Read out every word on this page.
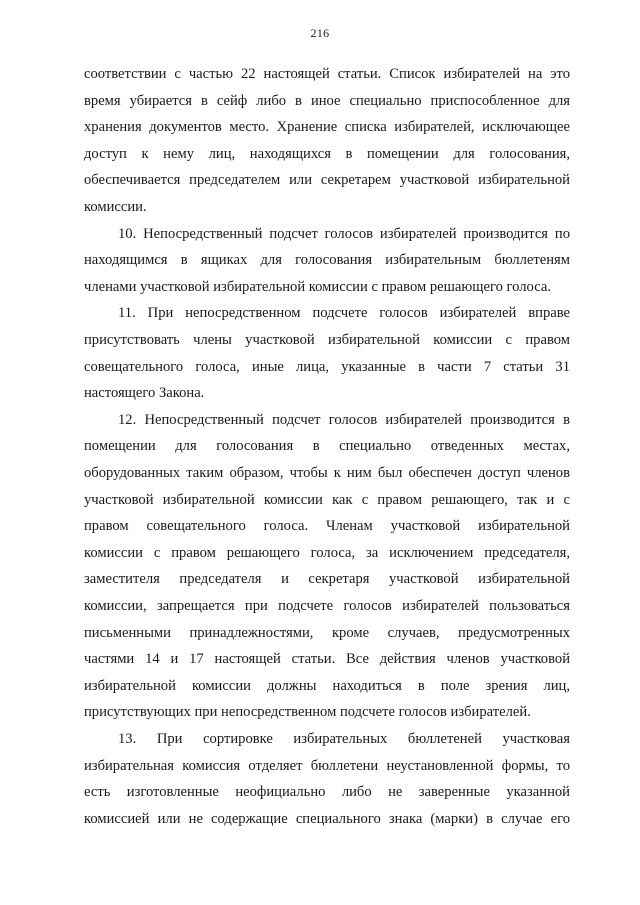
216
соответствии с частью 22 настоящей статьи. Список избирателей на это
время убирается в сейф либо в иное специально приспособленное для
хранения документов место. Хранение списка избирателей, исключающее
доступ к нему лиц, находящихся в помещении для голосования,
обеспечивается председателем или секретарем участковой избирательной
комиссии.
10. Непосредственный подсчет голосов избирателей производится по
находящимся в ящиках для голосования избирательным бюллетеням
членами участковой избирательной комиссии с правом решающего голоса.
11. При непосредственном подсчете голосов избирателей вправе
присутствовать члены участковой избирательной комиссии с правом
совещательного голоса, иные лица, указанные в части 7 статьи 31
настоящего Закона.
12. Непосредственный подсчет голосов избирателей производится в
помещении для голосования в специально отведенных местах,
оборудованных таким образом, чтобы к ним был обеспечен доступ членов
участковой избирательной комиссии как с правом решающего, так и с
правом совещательного голоса. Членам участковой избирательной
комиссии с правом решающего голоса, за исключением председателя,
заместителя председателя и секретаря участковой избирательной
комиссии, запрещается при подсчете голосов избирателей пользоваться
письменными принадлежностями, кроме случаев, предусмотренных
частями 14 и 17 настоящей статьи. Все действия членов участковой
избирательной комиссии должны находиться в поле зрения лиц,
присутствующих при непосредственном подсчете голосов избирателей.
13. При сортировке избирательных бюллетеней участковая
избирательная комиссия отделяет бюллетени неустановленной формы, то
есть изготовленные неофициально либо не заверенные указанной
комиссией или не содержащие специального знака (марки) в случае его
